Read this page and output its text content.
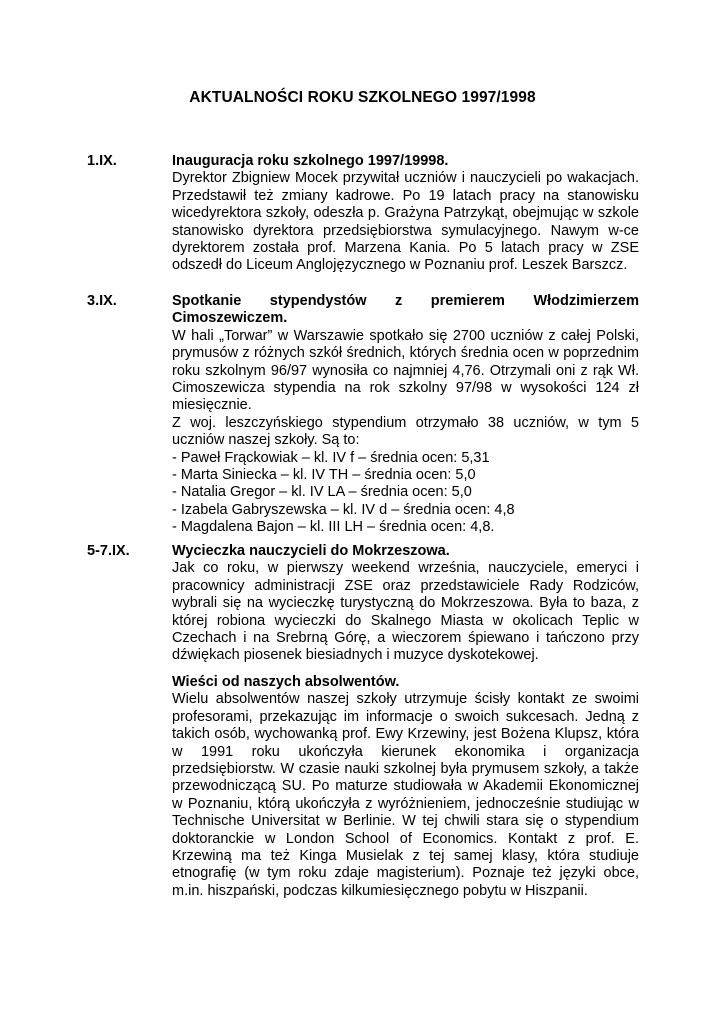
AKTUALNOŚCI ROKU SZKOLNEGO 1997/1998
1.IX.	Inauguracja roku szkolnego 1997/19998.

Dyrektor Zbigniew Mocek przywitał uczniów i nauczycieli po wakacjach. Przedstawił też zmiany kadrowe. Po 19 latach pracy na stanowisku wicedyrektora szkoły, odeszła p. Grażyna Patrzykąt, obejmując w szkole stanowisko dyrektora przedsiębiorstwa symulacyjnego. Nawym w-ce dyrektorem została prof. Marzena Kania. Po 5 latach pracy w ZSE odszedł do Liceum Anglojęzycznego w Poznaniu prof. Leszek Barszcz.

3.IX.	Spotkanie stypendystów z premierem Włodzimierzem Cimoszewiczem.

W hali „Torwar” w Warszawie spotkało się 2700 uczniów z całej Polski, prymusów z różnych szkół średnich, których średnia ocen w poprzednim roku szkolnym 96/97 wynosiła co najmniej 4,76. Otrzymali oni z rąk Wł. Cimoszewicza stypendia na rok szkolny 97/98 w wysokości 124 zł miesięcznie.

Z woj. leszczyńskiego stypendium otrzymało 38 uczniów, w tym 5 uczniów naszej szkoły. Są to:

- Paweł Frąckowiak – kl. IV f – średnia ocen: 5,31
- Marta Siniecka – kl. IV TH – średnia ocen: 5,0
- Natalia Gregor – kl. IV LA – średnia ocen: 5,0
- Izabela Gabryszewska – kl. IV d – średnia ocen: 4,8
- Magdalena Bajon – kl. III LH – średnia ocen: 4,8.
5-7.IX.	Wycieczka nauczycieli do Mokrzeszowa.

Jak co roku, w pierwszy weekend września, nauczyciele, emeryci i pracownicy administracji ZSE oraz przedstawiciele Rady Rodziców, wybrali się na wycieczkę turystyczną do Mokrzeszowa. Była to baza, z której robiona wycieczki do Skalnego Miasta w okolicach Teplic w Czechach i na Srebrną Górę, a wieczorem śpiewano i tańczono przy dźwiękach piosenek biesiadnych i muzyce dyskotekowej.

Wieści od naszych absolwentów.

Wielu absolwentów naszej szkoły utrzymuje ścisły kontakt ze swoimi profesorami, przekazując im informacje o swoich sukcesach. Jedną z takich osób, wychowanką prof. Ewy Krzewiny, jest Bożena Klupsz, która w 1991 roku ukończyła kierunek ekonomika i organizacja przedsiębiorstw. W czasie nauki szkolnej była prymusem szkoły, a także przewodniczącą SU. Po maturze studiowała w Akademii Ekonomicznej w Poznaniu, którą ukończyła z wyróżnieniem, jednocześnie studiując w Technische Universitat w Berlinie. W tej chwili stara się o stypendium doktoranckie w London School of Economics. Kontakt z prof. E. Krzewiną ma też Kinga Musielak z tej samej klasy, która studiuje etnografię (w tym roku zdaje magisterium). Poznaje też języki obce, m.in. hiszpański, podczas kilkumiesięcznego pobytu w Hiszpanii.
